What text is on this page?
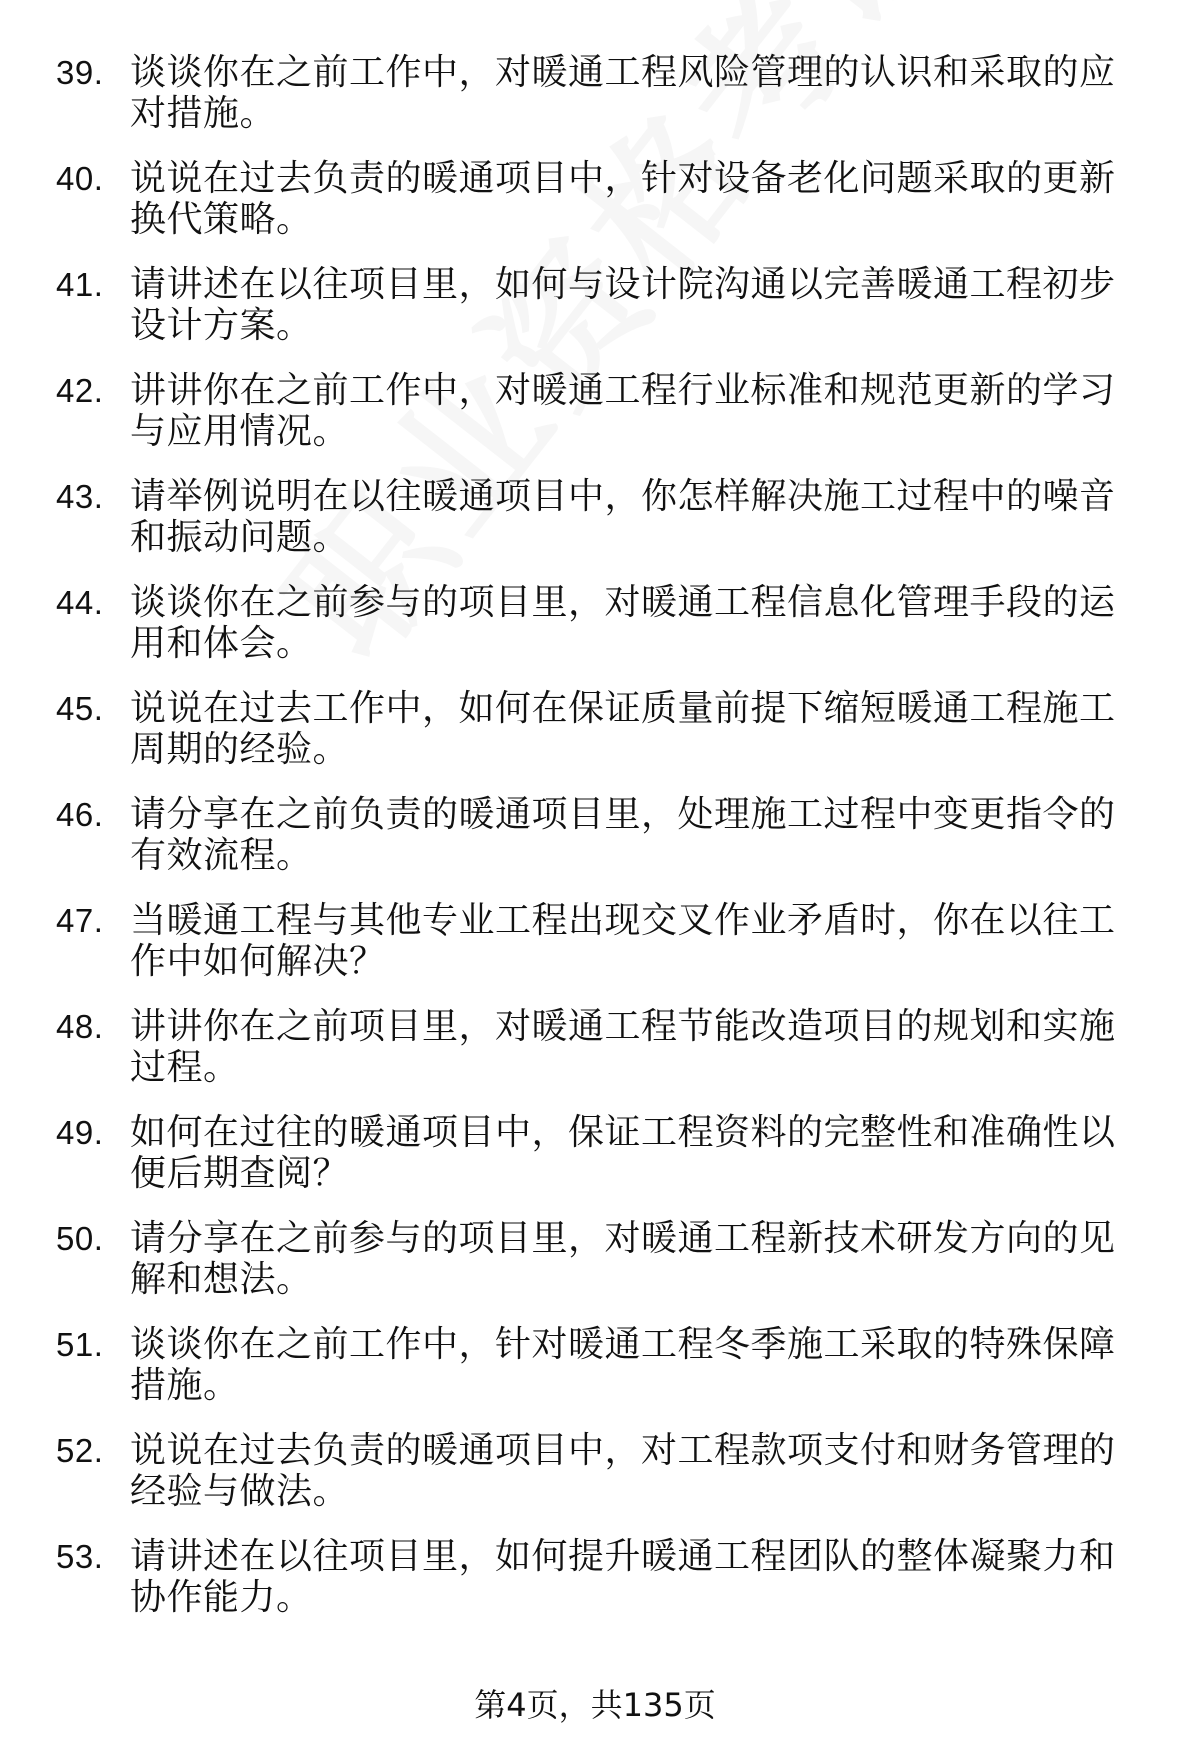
39. 谈谈你在之前工作中，对暖通工程风险管理的认识和采取的应对措施。
40. 说说在过去负责的暖通项目中，针对设备老化问题采取的更新换代策略。
41. 请讲述在以往项目里，如何与设计院沟通以完善暖通工程初步设计方案。
42. 讲讲你在之前工作中，对暖通工程行业标准和规范更新的学习与应用情况。
43. 请举例说明在以往暖通项目中，你怎样解决施工过程中的噪音和振动问题。
44. 谈谈你在之前参与的项目里，对暖通工程信息化管理手段的运用和体会。
45. 说说在过去工作中，如何在保证质量前提下缩短暖通工程施工周期的经验。
46. 请分享在之前负责的暖通项目里，处理施工过程中变更指令的有效流程。
47. 当暖通工程与其他专业工程出现交叉作业矛盾时，你在以往工作中如何解决？
48. 讲讲你在之前项目里，对暖通工程节能改造项目的规划和实施过程。
49. 如何在过往的暖通项目中，保证工程资料的完整性和准确性以便后期查阅？
50. 请分享在之前参与的项目里，对暖通工程新技术研发方向的见解和想法。
51. 谈谈你在之前工作中，针对暖通工程冬季施工采取的特殊保障措施。
52. 说说在过去负责的暖通项目中，对工程款项支付和财务管理的经验与做法。
53. 请讲述在以往项目里，如何提升暖通工程团队的整体凝聚力和协作能力。
第4页，共135页
